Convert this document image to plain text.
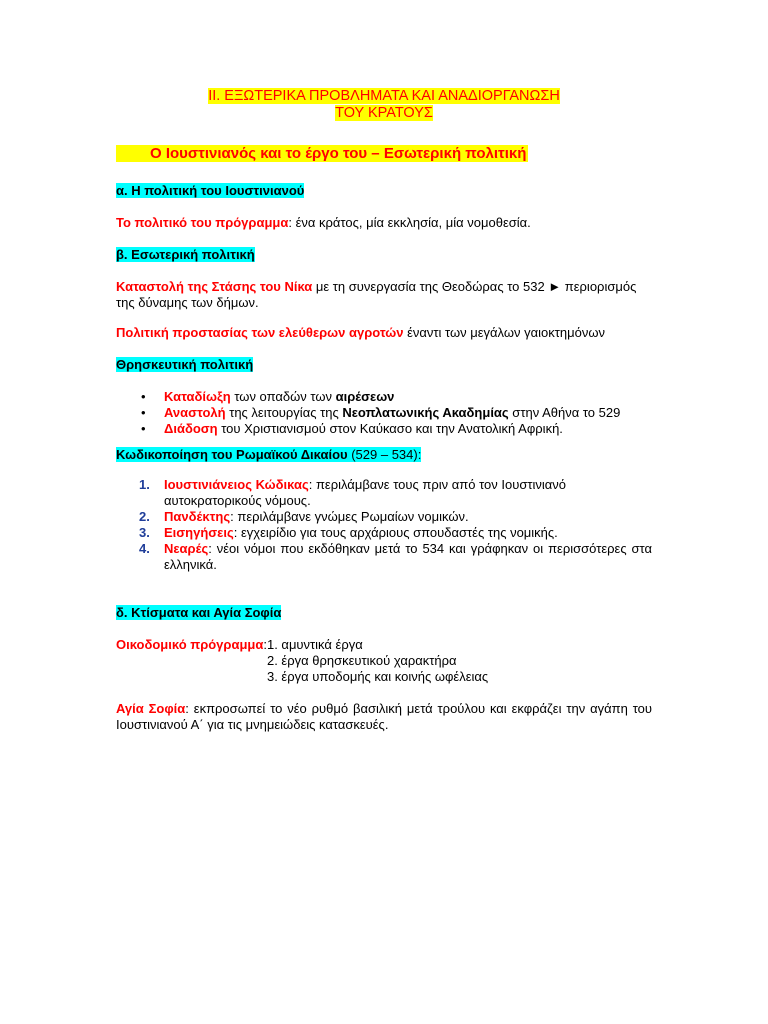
II. ΕΞΩΤΕΡΙΚΑ ΠΡΟΒΛΗΜΑΤΑ ΚΑΙ ΑΝΑΔΙΟΡΓΑΝΩΣΗ
ΤΟΥ ΚΡΑΤΟΥΣ
Ο Ιουστινιανός και το έργο του – Εσωτερική πολιτική
α. Η πολιτική του Ιουστινιανού
Το πολιτικό του πρόγραμμα: ένα κράτος, μία εκκλησία, μία νομοθεσία.
β. Εσωτερική πολιτική
Καταστολή της Στάσης του Νίκα με τη συνεργασία της Θεοδώρας το 532 ► περιορισμός της δύναμης των δήμων.
Πολιτική προστασίας των ελεύθερων αγροτών έναντι των μεγάλων γαιοκτημόνων
Θρησκευτική πολιτική
• Καταδίωξη των οπαδών των αιρέσεων
• Αναστολή της λειτουργίας της Νεοπλατωνικής Ακαδημίας στην Αθήνα το 529
• Διάδοση του Χριστιανισμού στον Καύκασο και την Ανατολική Αφρική.
Κωδικοποίηση του Ρωμαϊκού Δικαίου (529 – 534):
1. Ιουστινιάνειος Κώδικας: περιλάμβανε τους πριν από τον Ιουστινιανό αυτοκρατορικούς νόμους.
2. Πανδέκτης: περιλάμβανε γνώμες Ρωμαίων νομικών.
3. Εισηγήσεις: εγχειρίδιο για τους αρχάριους σπουδαστές της νομικής.
4. Νεαρές: νέοι νόμοι που εκδόθηκαν μετά το 534 και γράφηκαν οι περισσότερες στα ελληνικά.
δ. Κτίσματα και Αγία Σοφία
Οικοδομικό πρόγραμμα: 1. αμυντικά έργα
2. έργα θρησκευτικού χαρακτήρα
3. έργα υποδομής και κοινής ωφέλειας
Αγία Σοφία: εκπροσωπεί το νέο ρυθμό βασιλική μετά τρούλου και εκφράζει την αγάπη του Ιουστινιανού Α΄ για τις μνημειώδεις κατασκευές.
